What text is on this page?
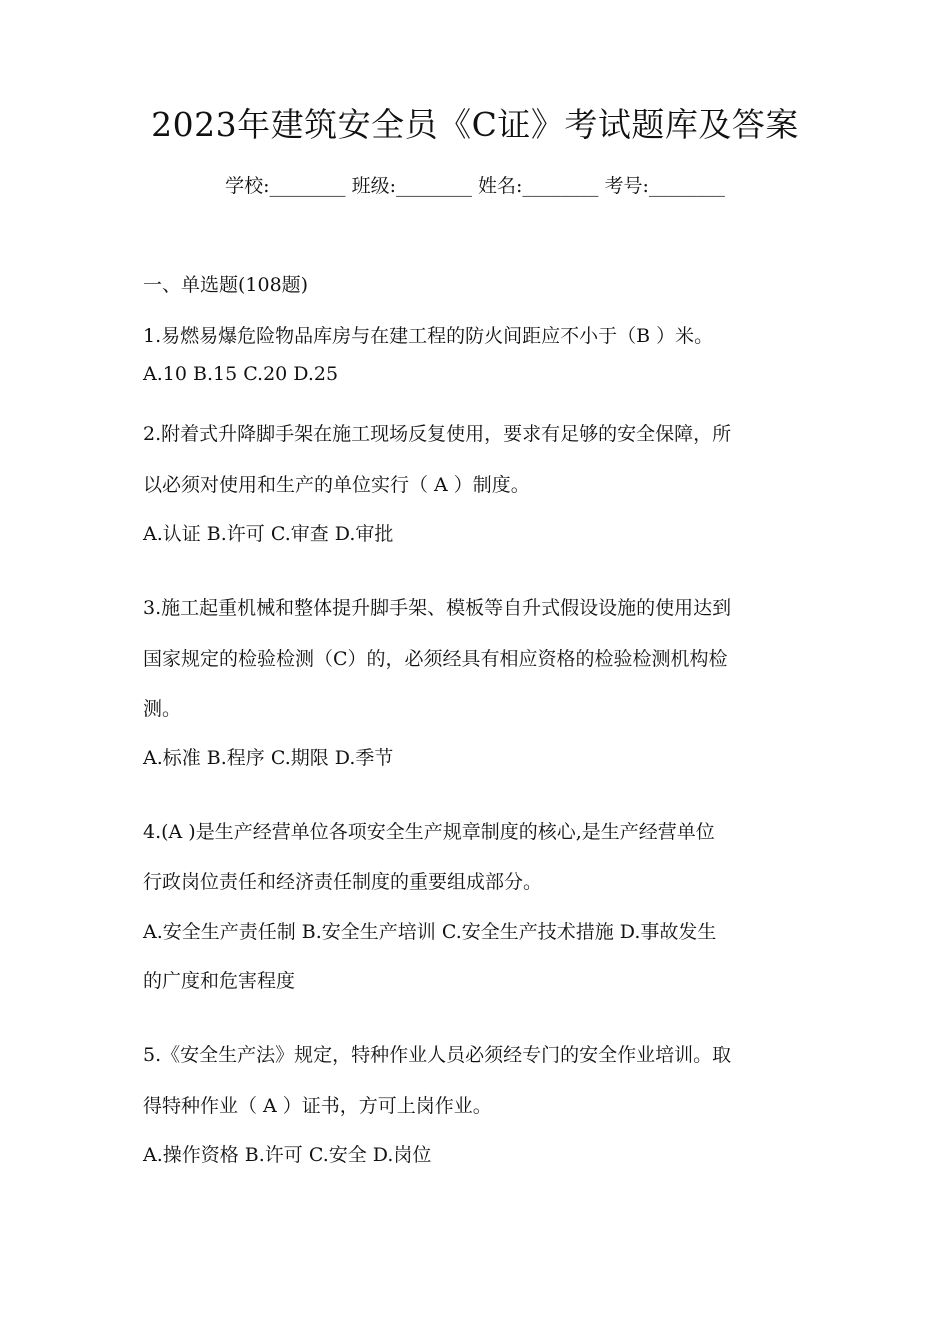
2023年建筑安全员《C证》考试题库及答案
学校:________ 班级:________ 姓名:________ 考号:________
一、单选题(108题)
1.易燃易爆危险物品库房与在建工程的防火间距应不小于（B ）米。
A.10 B.15 C.20 D.25
2.附着式升降脚手架在施工现场反复使用，要求有足够的安全保障，所
以必须对使用和生产的单位实行（ A ）制度。
A.认证 B.许可 C.审查 D.审批
3.施工起重机械和整体提升脚手架、模板等自升式假设设施的使用达到
国家规定的检验检测（C）的，必须经具有相应资格的检验检测机构检
测。
A.标准 B.程序 C.期限 D.季节
4.(A )是生产经营单位各项安全生产规章制度的核心,是生产经营单位
行政岗位责任和经济责任制度的重要组成部分。
A.安全生产责任制 B.安全生产培训 C.安全生产技术措施 D.事故发生
的广度和危害程度
5.《安全生产法》规定，特种作业人员必须经专门的安全作业培训。取
得特种作业（ A ）证书，方可上岗作业。
A.操作资格 B.许可 C.安全 D.岗位
